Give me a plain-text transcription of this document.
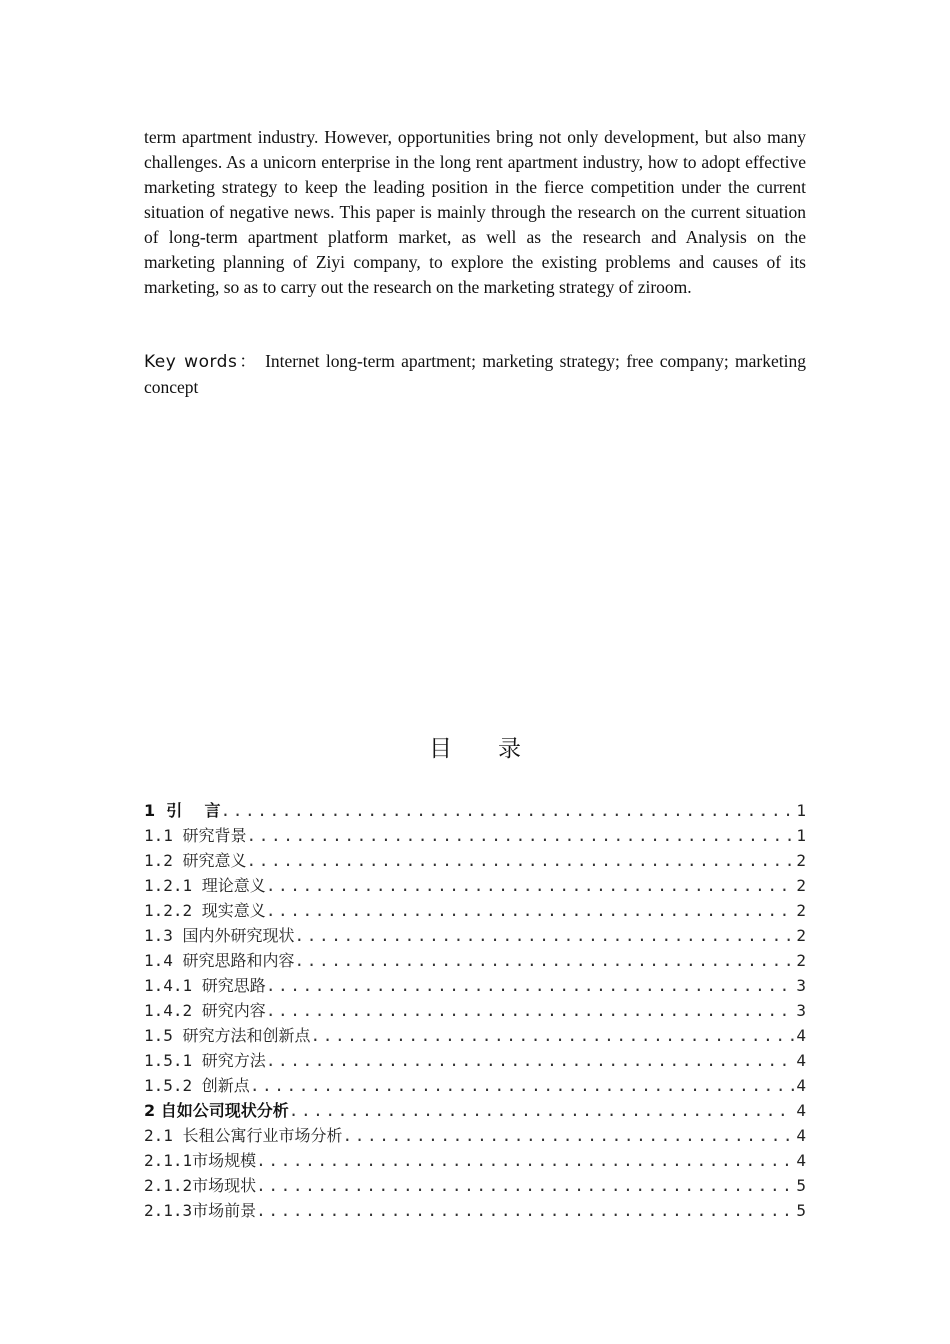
term apartment industry. However, opportunities bring not only development, but also many challenges. As a unicorn enterprise in the long rent apartment industry, how to adopt effective marketing strategy to keep the leading position in the fierce competition under the current situation of negative news. This paper is mainly through the research on the current situation of long-term apartment platform market, as well as the research and Analysis on the marketing planning of Ziyi company, to explore the existing problems and causes of its marketing, so as to carry out the research on the marketing strategy of ziroom.

Key words： Internet long-term apartment; marketing strategy; free company; marketing concept

目录
1  引    言 .....	1
1.1 研究背景 .....	1
1.2 研究意义 .....	2
1.2.1 理论意义 .....	2
1.2.2 现实意义 .....	2
1.3 国内外研究现状 .....	2
1.4 研究思路和内容 .....	2
1.4.1 研究思路 .....	3
1.4.2 研究内容 .....	3
1.5 研究方法和创新点 .....	4
1.5.1 研究方法 .....	4
1.5.2 创新点 .....	4
2 自如公司现状分析 .....	4
2.1 长租公寓行业市场分析 .....	4
2.1.1市场规模 .....	4
2.1.2市场现状 .....	5
2.1.3市场前景 .....	5
